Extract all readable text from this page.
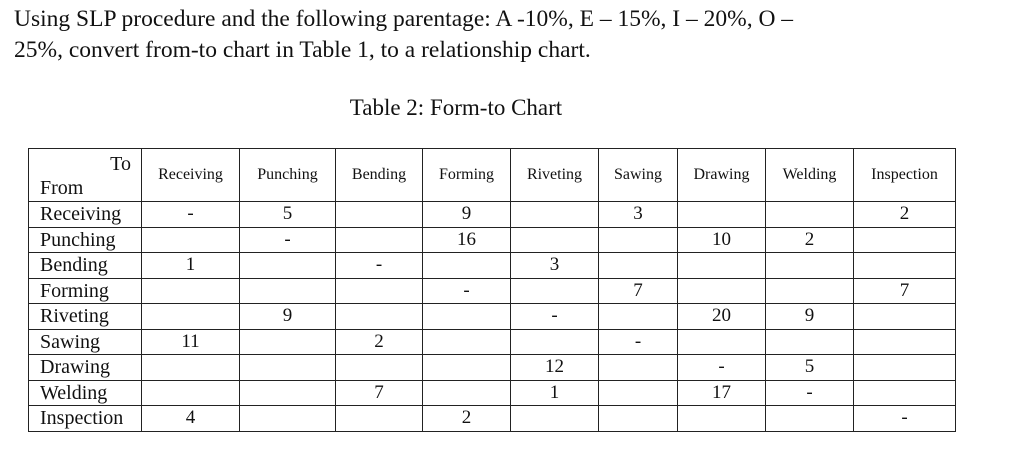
Using SLP procedure and the following parentage: A -10%, E – 15%, I – 20%, O –
25%, convert from-to chart in Table 1, to a relationship chart.
Table 2: Form-to Chart
To
From	Receiving	Punching	Bending	Forming	Riveting	Sawing	Drawing	Welding	Inspection
Receiving	-	5		9		3			2
Punching		-		16			10	2	
Bending	1		-		3				
Forming				-		7			7
Riveting		9			-		20	9	
Sawing	11		2			-			
Drawing					12		-	5	
Welding			7		1		17	-	
Inspection	4			2					-
